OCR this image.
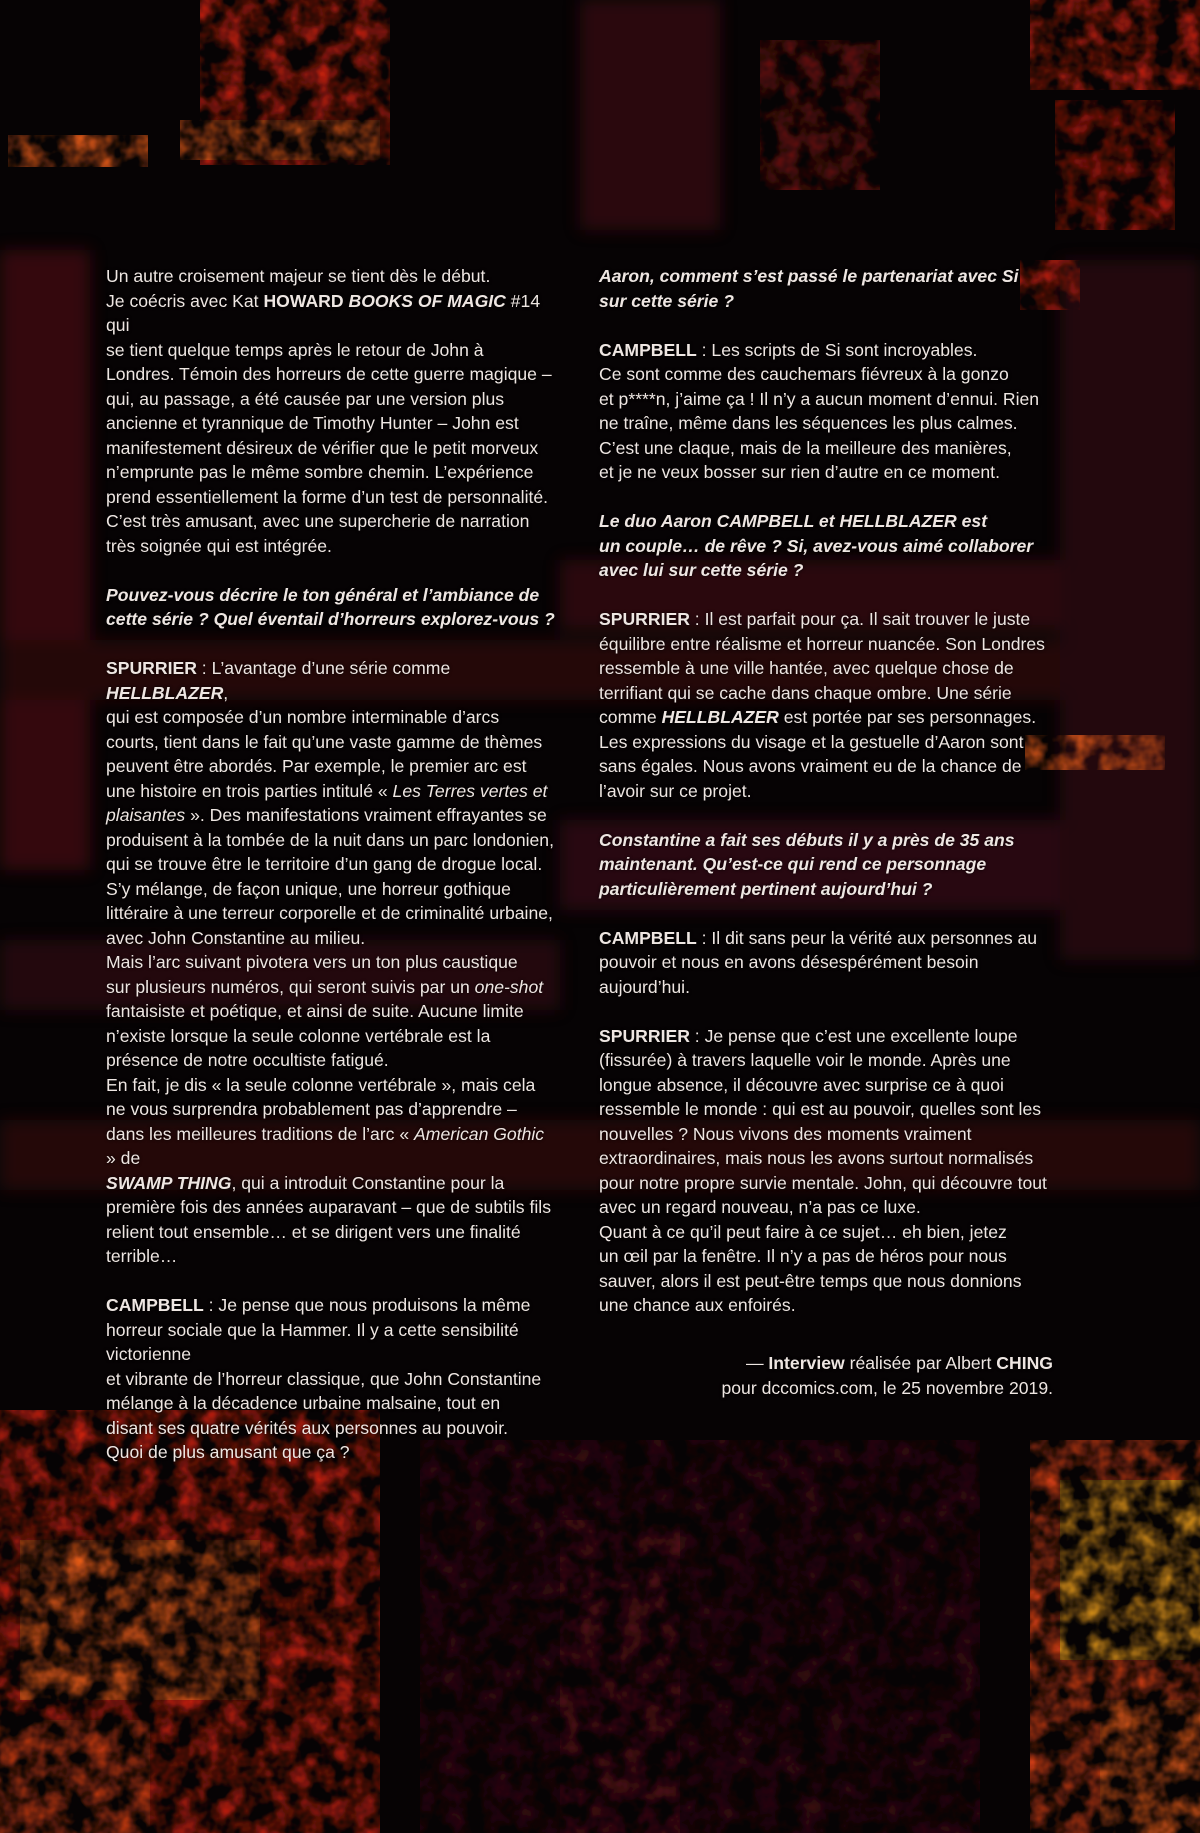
Un autre croisement majeur se tient dès le début.
Je coécris avec Kat HOWARD BOOKS OF MAGIC #14 qui
se tient quelque temps après le retour de John à Londres. Témoin des horreurs de cette guerre magique – qui, au passage, a été causée par une version plus ancienne et tyrannique de Timothy Hunter – John est manifestement désireux de vérifier que le petit morveux n’emprunte pas le même sombre chemin. L’expérience prend essentiellement la forme d’un test de personnalité. C’est très amusant, avec une supercherie de narration très soignée qui est intégrée.

Pouvez-vous décrire le ton général et l’ambiance de cette série ? Quel éventail d’horreurs explorez-vous ?

SPURRIER : L’avantage d’une série comme HELLBLAZER,
qui est composée d’un nombre interminable d’arcs courts, tient dans le fait qu’une vaste gamme de thèmes peuvent être abordés. Par exemple, le premier arc est une histoire en trois parties intitulé « Les Terres vertes et plaisantes ». Des manifestations vraiment effrayantes se produisent à la tombée de la nuit dans un parc londonien, qui se trouve être le territoire d’un gang de drogue local. S’y mélange, de façon unique, une horreur gothique littéraire à une terreur corporelle et de criminalité urbaine, avec John Constantine au milieu.

Mais l’arc suivant pivotera vers un ton plus caustique
sur plusieurs numéros, qui seront suivis par un one-shot
fantaisiste et poétique, et ainsi de suite. Aucune limite n’existe lorsque la seule colonne vertébrale est la présence de notre occultiste fatigué.

En fait, je dis « la seule colonne vertébrale », mais cela ne vous surprendra probablement pas d’apprendre – dans les meilleures traditions de l’arc « American Gothic » de
SWAMP THING, qui a introduit Constantine pour la première fois des années auparavant – que de subtils fils relient tout ensemble… et se dirigent vers une finalité terrible…

CAMPBELL : Je pense que nous produisons la même horreur sociale que la Hammer. Il y a cette sensibilité victorienne
et vibrante de l’horreur classique, que John Constantine mélange à la décadence urbaine malsaine, tout en
disant ses quatre vérités aux personnes au pouvoir.
Quoi de plus amusant que ça ?

Aaron, comment s’est passé le partenariat avec Si
sur cette série ?

CAMPBELL : Les scripts de Si sont incroyables.
Ce sont comme des cauchemars fiévreux à la gonzo
et p****n, j’aime ça ! Il n’y a aucun moment d’ennui. Rien ne traîne, même dans les séquences les plus calmes. C’est une claque, mais de la meilleure des manières,
et je ne veux bosser sur rien d’autre en ce moment.

Le duo Aaron CAMPBELL et HELLBLAZER est
un couple… de rêve ? Si, avez-vous aimé collaborer
avec lui sur cette série ?

SPURRIER : Il est parfait pour ça. Il sait trouver le juste équilibre entre réalisme et horreur nuancée. Son Londres ressemble à une ville hantée, avec quelque chose de terrifiant qui se cache dans chaque ombre. Une série
comme HELLBLAZER est portée par ses personnages. Les expressions du visage et la gestuelle d’Aaron sont sans égales. Nous avons vraiment eu de la chance de l’avoir sur ce projet.

Constantine a fait ses débuts il y a près de 35 ans maintenant. Qu’est-ce qui rend ce personnage particulièrement pertinent aujourd’hui ?

CAMPBELL : Il dit sans peur la vérité aux personnes au pouvoir et nous en avons désespérément besoin aujourd’hui.

SPURRIER : Je pense que c’est une excellente loupe (fissurée) à travers laquelle voir le monde. Après une longue absence, il découvre avec surprise ce à quoi ressemble le monde : qui est au pouvoir, quelles sont les nouvelles ? Nous vivons des moments vraiment extraordinaires, mais nous les avons surtout normalisés pour notre propre survie mentale. John, qui découvre tout avec un regard nouveau, n’a pas ce luxe.
Quant à ce qu’il peut faire à ce sujet… eh bien, jetez
un œil par la fenêtre. Il n’y a pas de héros pour nous sauver, alors il est peut-être temps que nous donnions une chance aux enfoirés.

— Interview réalisée par Albert CHING
pour dccomics.com, le 25 novembre 2019.
